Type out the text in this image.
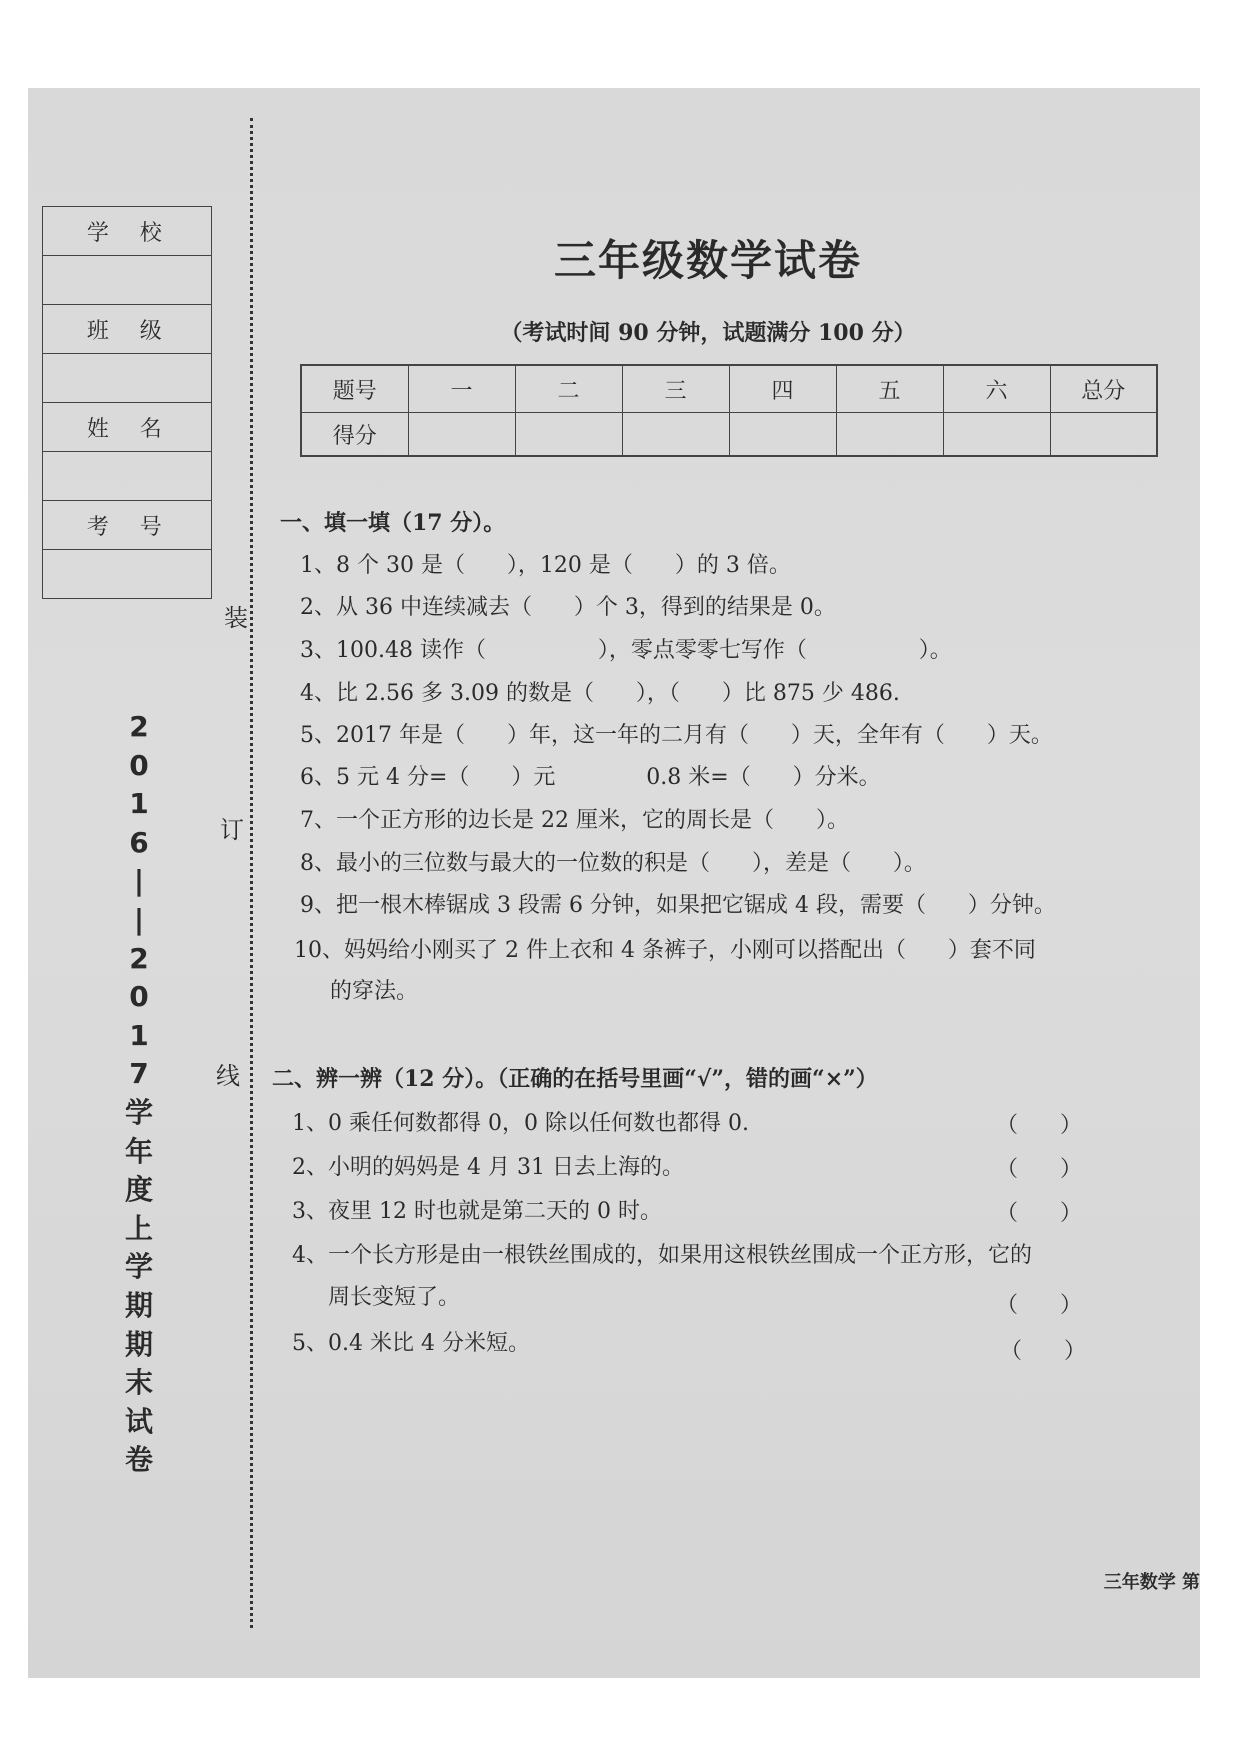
学校

班级

姓名

考号

装
订
线
2
0
1
6
|
|
2
0
1
7
学
年
度
上
学
期
期
末
试
卷
三年级数学试卷
（考试时间 90 分钟，试题满分 100 分）
题号	一	二	三	四	五	六	总分
得分							
一、填一填（17 分）。
1、8 个 30 是（      ），120 是（      ）的 3 倍。
2、从 36 中连续减去（      ）个 3，得到的结果是 0。
3、100.48 读作（                ），零点零零七写作（                ）。
4、比 2.56 多 3.09 的数是（      ），（      ）比 875 少 486.
5、2017 年是（      ）年，这一年的二月有（      ）天，全年有（      ）天。
6、5 元 4 分=（      ）元             0.8 米=（      ）分米。
7、一个正方形的边长是 22 厘米，它的周长是（      ）。
8、最小的三位数与最大的一位数的积是（      ），差是（      ）。
9、把一根木棒锯成 3 段需 6 分钟，如果把它锯成 4 段，需要（      ）分钟。
10、妈妈给小刚买了 2 件上衣和 4 条裤子，小刚可以搭配出（      ）套不同
的穿法。
二、辨一辨（12 分）。（正确的在括号里画“√”，错的画“×”）
1、0 乘任何数都得 0，0 除以任何数也都得 0.	（      ）
2、小明的妈妈是 4 月 31 日去上海的。	（      ）
3、夜里 12 时也就是第二天的 0 时。	（      ）
4、一个长方形是由一根铁丝围成的，如果用这根铁丝围成一个正方形，它的
周长变短了。	（      ）
5、0.4 米比 4 分米短。	（      ）
三年数学 第
